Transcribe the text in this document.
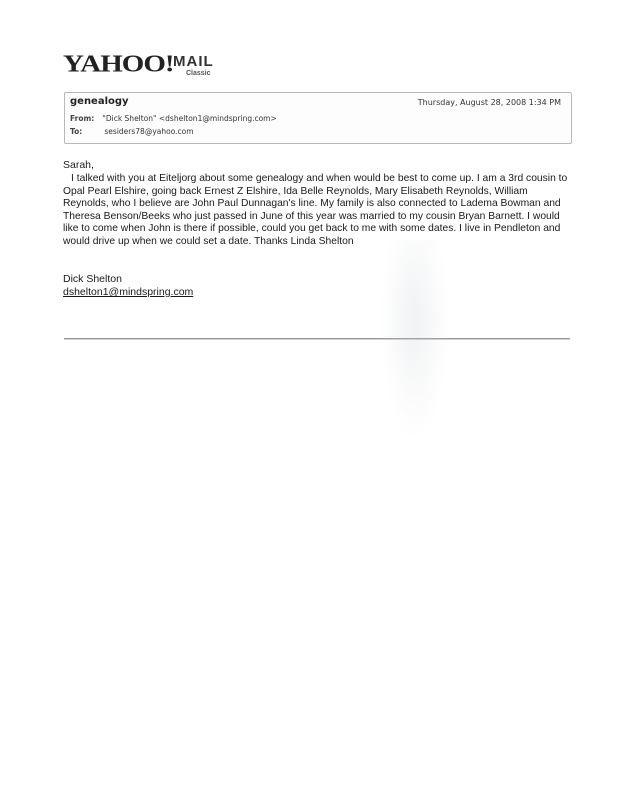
YAHOO! MAIL
Classic
genealogy	Thursday, August 28, 2008 1:34 PM
From: "Dick Shelton" <dshelton1@mindspring.com>
To:	sesiders78@yahoo.com
Sarah,
I talked with you at Eiteljorg about some genealogy and when would be best to come up. I am a 3rd cousin to Opal Pearl Elshire, going back Ernest Z Elshire, Ida Belle Reynolds, Mary Elisabeth Reynolds, William Reynolds, who I believe are John Paul Dunnagan's line. My family is also connected to Ladema Bowman and Theresa Benson/Beeks who just passed in June of this year was married to my cousin Bryan Barnett. I would like to come when John is there if possible, could you get back to me with some dates. I live in Pendleton and would drive up when we could set a date. Thanks Linda Shelton
Dick Shelton
dshelton1@mindspring.com
